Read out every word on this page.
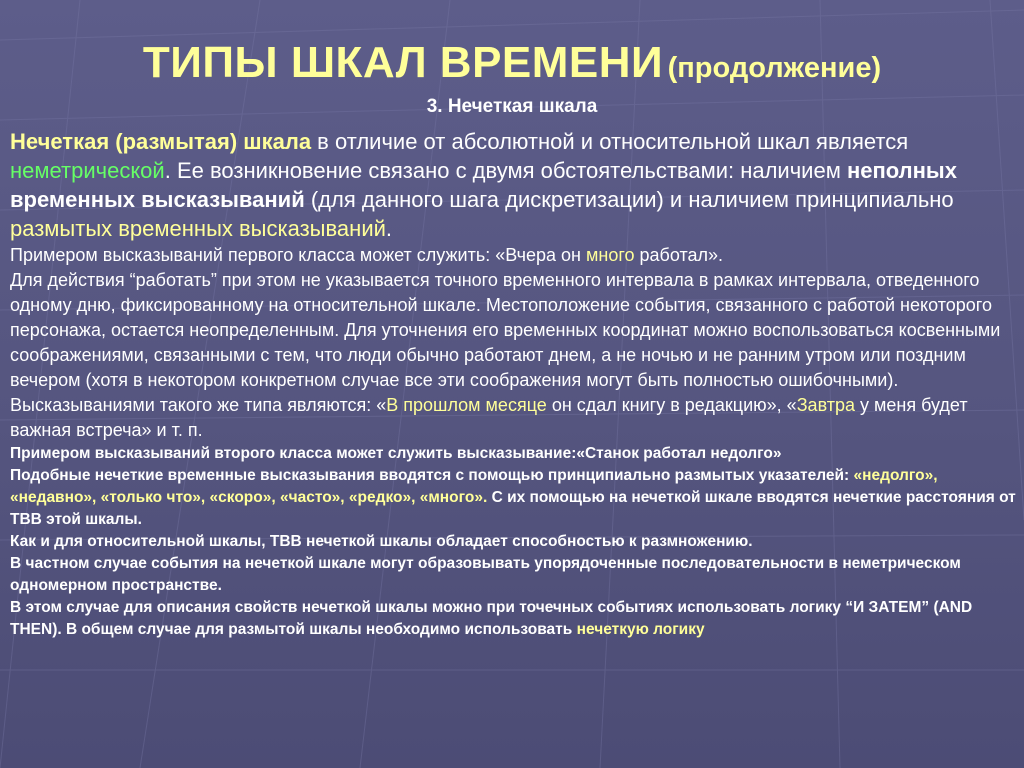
ТИПЫ ШКАЛ ВРЕМЕНИ (продолжение)
3. Нечеткая шкала

Нечеткая (размытая) шкала в отличие от абсолютной и относительной шкал является неметрической. Ее возникновение связано с двумя обстоятельствами: наличием неполных временных высказываний (для данного шага дискретизации) и наличием принципиально размытых временных высказываний.

Примером высказываний первого класса может служить: «Вчера он много работал».
Для действия “работать” при этом не указывается точного временного интервала в рамках интервала, отведенного одному дню, фиксированному на относительной шкале. Местоположение события, связанного с работой некоторого персонажа, остается неопределенным. Для уточнения его временных координат можно воспользоваться косвенными соображениями, связанными с тем, что люди обычно работают днем, а не ночью и не ранним утром или поздним вечером (хотя в некотором конкретном случае все эти соображения могут быть полностью ошибочными). Высказываниями такого же типа являются: «В прошлом месяце он сдал книгу в редакцию», «Завтра у меня будет важная встреча» и т. п.

Примером высказываний второго класса может служить высказывание:«Станок работал недолго»
Подобные нечеткие временные высказывания вводятся с помощью принципиально размытых указателей: «недолго», «недавно», «только что», «скоро», «часто», «редко», «много». С их помощью на нечеткой шкале вводятся нечеткие расстояния от ТВВ этой шкалы.
Как и для относительной шкалы, ТВВ нечеткой шкалы обладает способностью к размножению.
В частном случае события на нечеткой шкале могут образовывать упорядоченные последовательности в неметрическом одномерном пространстве.
В этом случае для описания свойств нечеткой шкалы можно при точечных событиях использовать логику “И ЗАТЕМ” (AND THEN). В общем случае для размытой шкалы необходимо использовать нечеткую логику
